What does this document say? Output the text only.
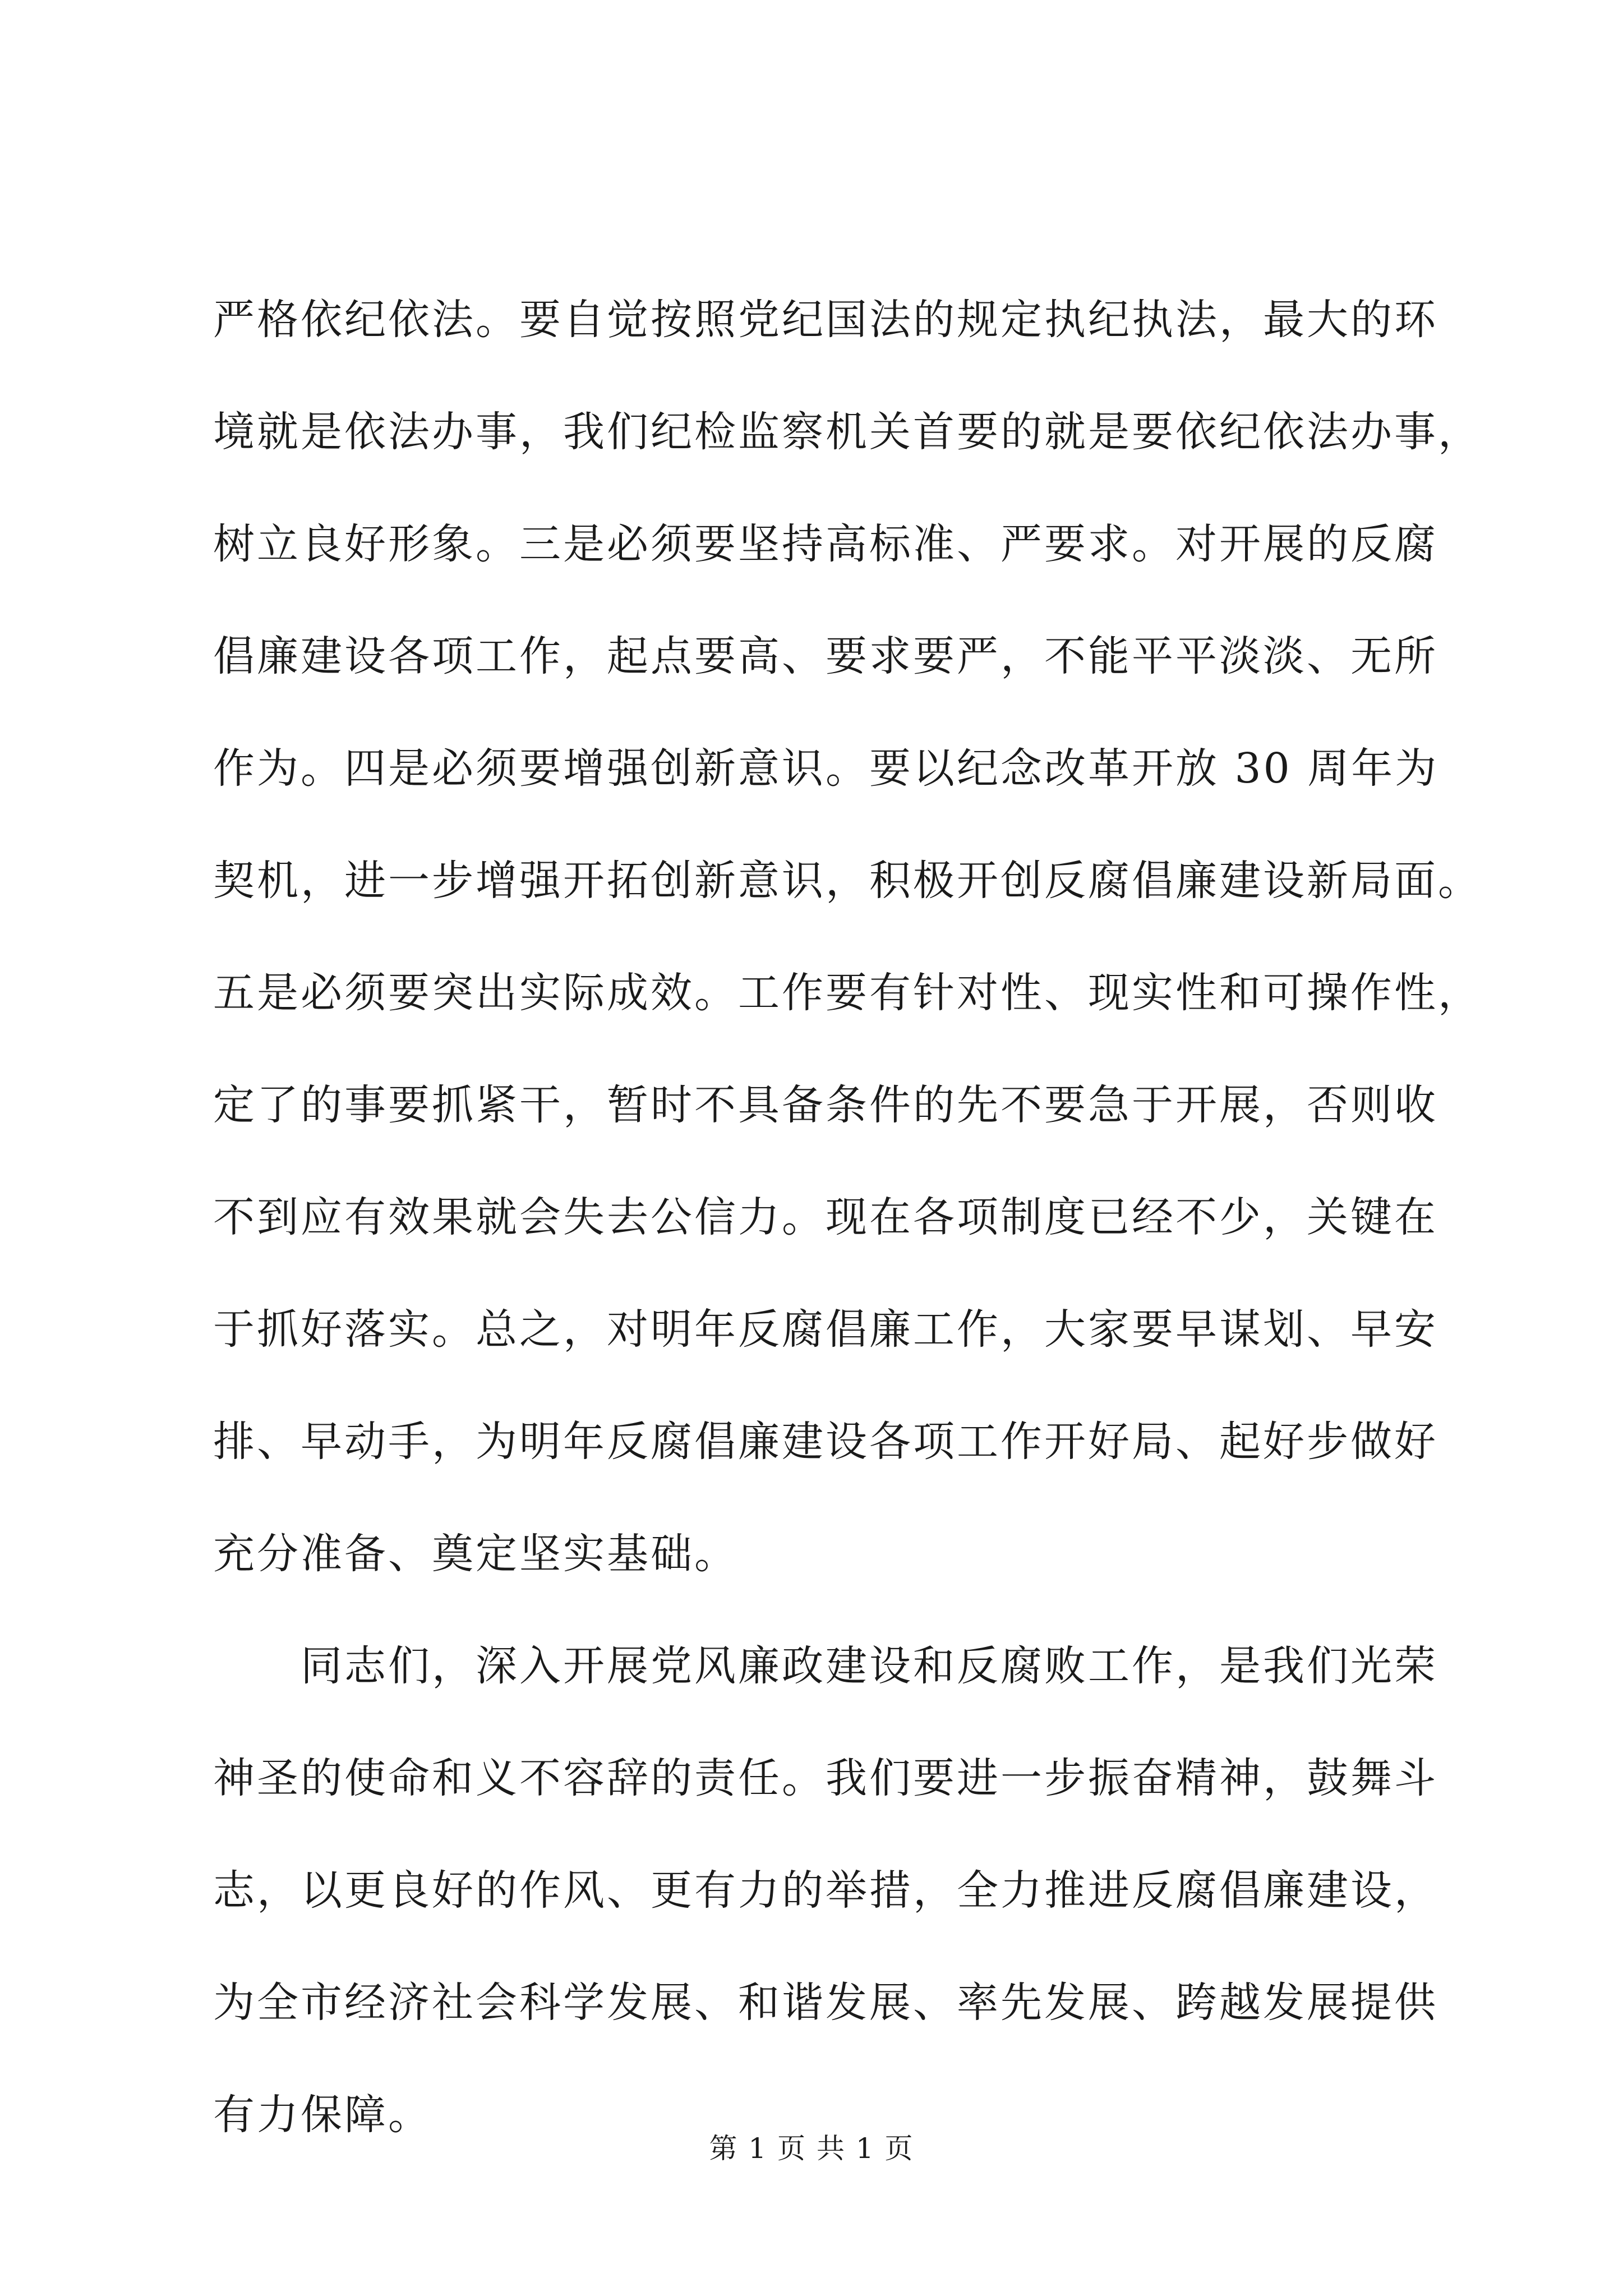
严格依纪依法。要自觉按照党纪国法的规定执纪执法，最大的环
境就是依法办事，我们纪检监察机关首要的就是要依纪依法办事，
树立良好形象。三是必须要坚持高标准、严要求。对开展的反腐
倡廉建设各项工作，起点要高、要求要严，不能平平淡淡、无所
作为。四是必须要增强创新意识。要以纪念改革开放 30 周年为
契机，进一步增强开拓创新意识，积极开创反腐倡廉建设新局面。
五是必须要突出实际成效。工作要有针对性、现实性和可操作性，
定了的事要抓紧干，暂时不具备条件的先不要急于开展，否则收
不到应有效果就会失去公信力。现在各项制度已经不少，关键在
于抓好落实。总之，对明年反腐倡廉工作，大家要早谋划、早安
排、早动手，为明年反腐倡廉建设各项工作开好局、起好步做好
充分准备、奠定坚实基础。
　　同志们，深入开展党风廉政建设和反腐败工作，是我们光荣
神圣的使命和义不容辞的责任。我们要进一步振奋精神，鼓舞斗
志，以更良好的作风、更有力的举措，全力推进反腐倡廉建设，
为全市经济社会科学发展、和谐发展、率先发展、跨越发展提供
有力保障。
第 1 页 共 1 页
